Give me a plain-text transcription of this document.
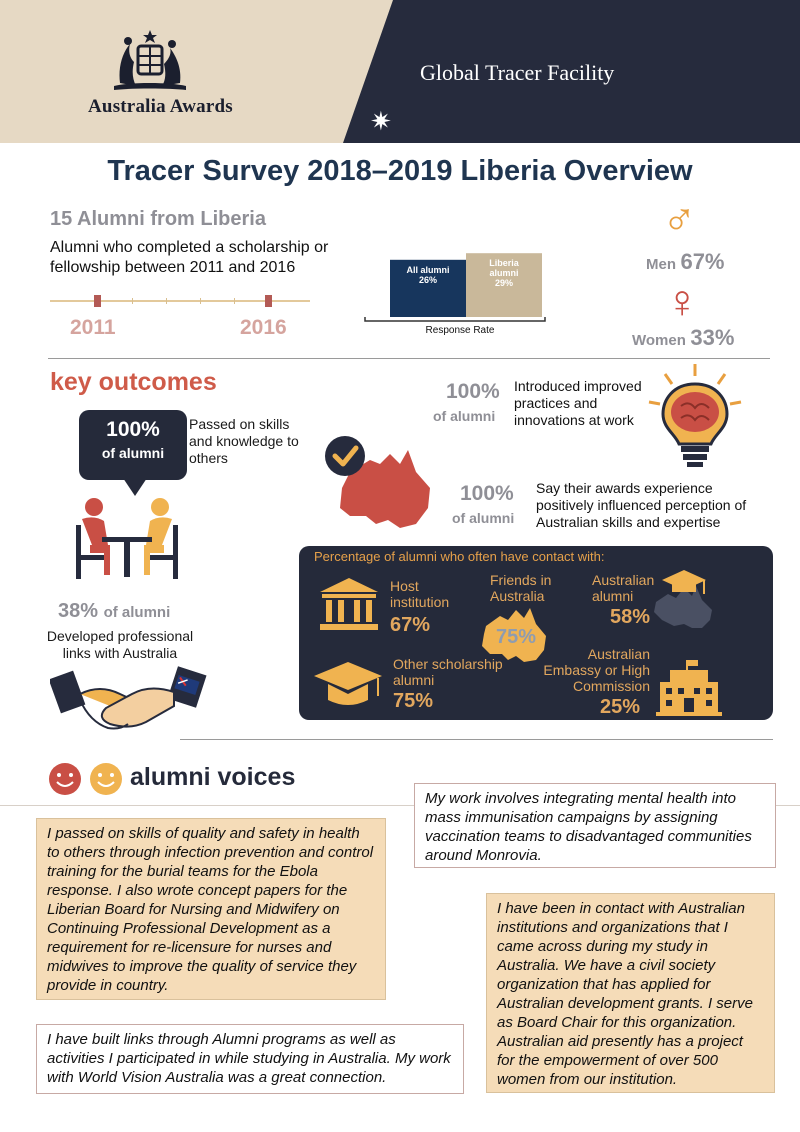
Australia Awards
Global Tracer Facility
✷
Tracer Survey 2018–2019 Liberia Overview
15 Alumni from Liberia
Alumni who completed a scholarship or fellowship between 2011 and 2016
2011	2016
All alumni
26%
Liberia alumni
29%
Response Rate
♂
Men 67%
♀
Women 33%
key outcomes
100%
of alumni
Passed on skills and knowledge to others
38% of alumni
Developed professional links with Australia
100%
of alumni
Introduced improved practices and innovations at work
100%
of alumni
Say their awards experience positively influenced perception of Australian skills and expertise
Percentage of alumni who often have contact with:
Host institution
67%
Friends in Australia
75%
Australian alumni
58%
Other scholarship alumni
75%
Australian Embassy or High Commission
25%
alumni voices
My work involves integrating mental health into mass immunisation campaigns by assigning vaccination teams to disadvantaged communities around Monrovia.
I passed on skills of quality and safety in health to others through infection prevention and control training for the burial teams for the Ebola response. I also wrote concept papers for the Liberian Board for Nursing and Midwifery on Continuing Professional Development as a requirement for re-licensure for nurses and midwives to improve the quality of service they provide in country.
I have been in contact with Australian institutions and organizations that I came across during my study in Australia. We have a civil society organization that has applied for Australian development grants. I serve as Board Chair for this organization. Australian aid presently has a project for the empowerment of over 500 women from our institution.
I have built links through Alumni programs as well as activities I participated in while studying in Australia. My work with World Vision Australia was a great connection.
